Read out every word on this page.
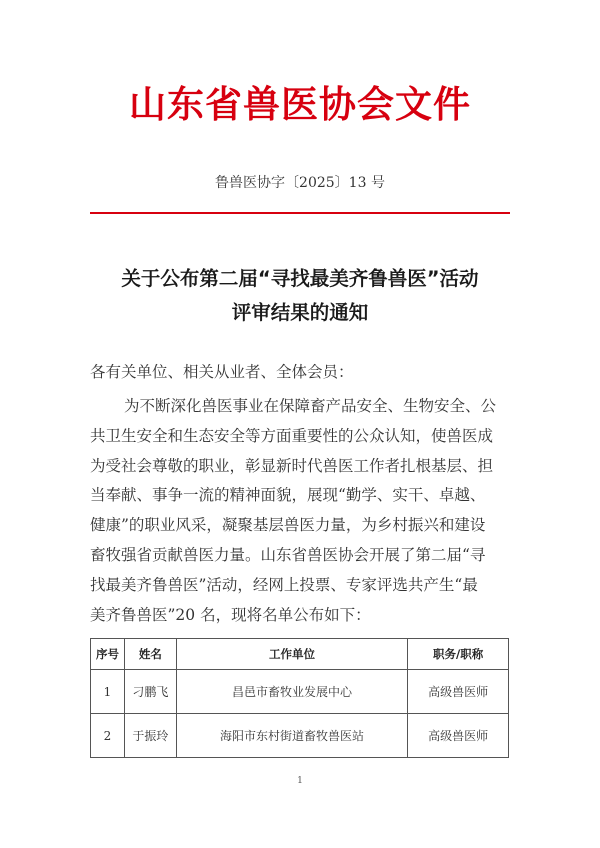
山东省兽医协会文件
鲁兽医协字〔2025〕13 号
关于公布第二届“寻找最美齐鲁兽医”活动
评审结果的通知
各有关单位、相关从业者、全体会员：
为不断深化兽医事业在保障畜产品安全、生物安全、公
共卫生安全和生态安全等方面重要性的公众认知，使兽医成
为受社会尊敬的职业，彰显新时代兽医工作者扎根基层、担
当奉献、事争一流的精神面貌，展现“勤学、实干、卓越、
健康”的职业风采，凝聚基层兽医力量，为乡村振兴和建设
畜牧强省贡献兽医力量。山东省兽医协会开展了第二届“寻
找最美齐鲁兽医”活动，经网上投票、专家评选共产生“最
美齐鲁兽医”20 名，现将名单公布如下：
序号	姓名	工作单位	职务/职称
1	刁鹏飞	昌邑市畜牧业发展中心	高级兽医师
2	于振玲	海阳市东村街道畜牧兽医站	高级兽医师
1
